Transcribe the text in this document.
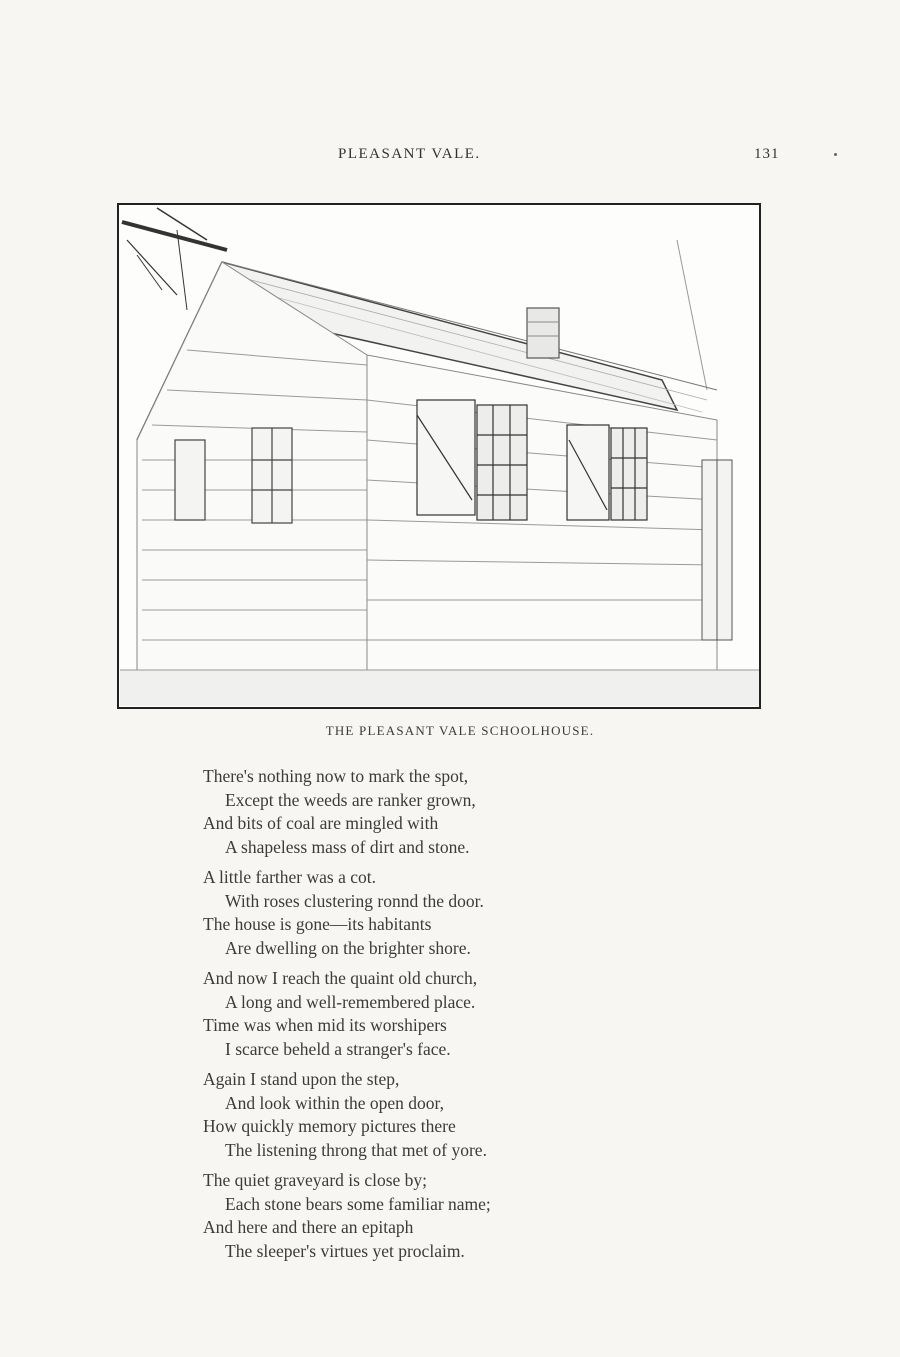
PLEASANT VALE.	131
THE PLEASANT VALE SCHOOLHOUSE.
There's nothing now to mark the spot,
Except the weeds are ranker grown,
And bits of coal are mingled with
A shapeless mass of dirt and stone.
A little farther was a cot.
With roses clustering ronnd the door.
The house is gone—its habitants
Are dwelling on the brighter shore.
And now I reach the quaint old church,
A long and well-remembered place.
Time was when mid its worshipers
I scarce beheld a stranger's face.
Again I stand upon the step,
And look within the open door,
How quickly memory pictures there
The listening throng that met of yore.
The quiet graveyard is close by;
Each stone bears some familiar name;
And here and there an epitaph
The sleeper's virtues yet proclaim.
